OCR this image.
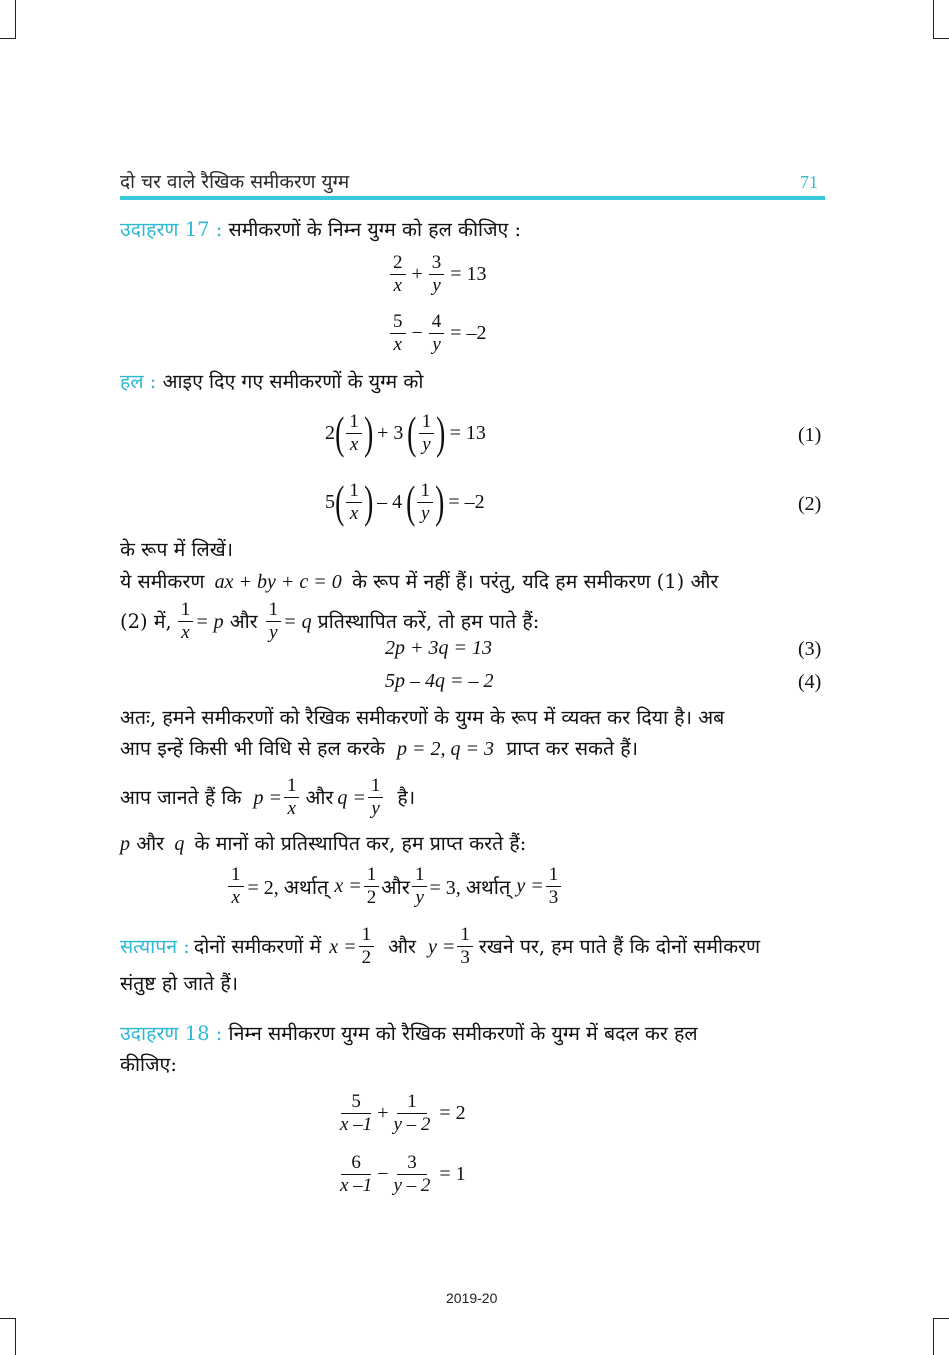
दो चर वाले रैखिक समीकरण युग्म	71
उदाहरण 17 : समीकरणों के निम्न युग्म को हल कीजिए :
$\frac{2}{x} + \frac{3}{y} = 13$
$\frac{5}{x} - \frac{4}{y} = -2$
हल : आइए दिए गए समीकरणों के युग्म को
2 ( $\frac{1}{x}$ ) + 3 ( $\frac{1}{y}$ ) = 13	(1)
5 ( $\frac{1}{x}$ ) – 4 ( $\frac{1}{y}$ ) = –2	(2)
के रूप में लिखें।
ये समीकरण ax + by + c = 0 के रूप में नहीं हैं। परंतु, यदि हम समीकरण (1) और
(2) में, $\frac{1}{x} = p$ और $\frac{1}{y} = q$ प्रतिस्थापित करें, तो हम पाते हैं:
2p + 3q = 13	(3)
5p – 4q = – 2	(4)
अतः, हमने समीकरणों को रैखिक समीकरणों के युग्म के रूप में व्यक्त कर दिया है। अब
आप इन्हें किसी भी विधि से हल करके p = 2, q = 3 प्राप्त कर सकते हैं।
आप जानते हैं कि $p = \frac{1}{x}$ और $q = \frac{1}{y}$ है।
p और q के मानों को प्रतिस्थापित कर, हम प्राप्त करते हैं:
$\frac{1}{x} = 2$, अर्थात् $x = \frac{1}{2}$ और $\frac{1}{y} = 3$, अर्थात् $y = \frac{1}{3}$
सत्यापन : दोनों समीकरणों में $x = \frac{1}{2}$ और $y = \frac{1}{3}$ रखने पर, हम पाते हैं कि दोनों समीकरण
संतुष्ट हो जाते हैं।
उदाहरण 18 : निम्न समीकरण युग्म को रैखिक समीकरणों के युग्म में बदल कर हल
कीजिए:
$\frac{5}{x -1} + \frac{1}{y - 2} = 2$
$\frac{6}{x -1} - \frac{3}{y - 2} = 1$
2019-20
